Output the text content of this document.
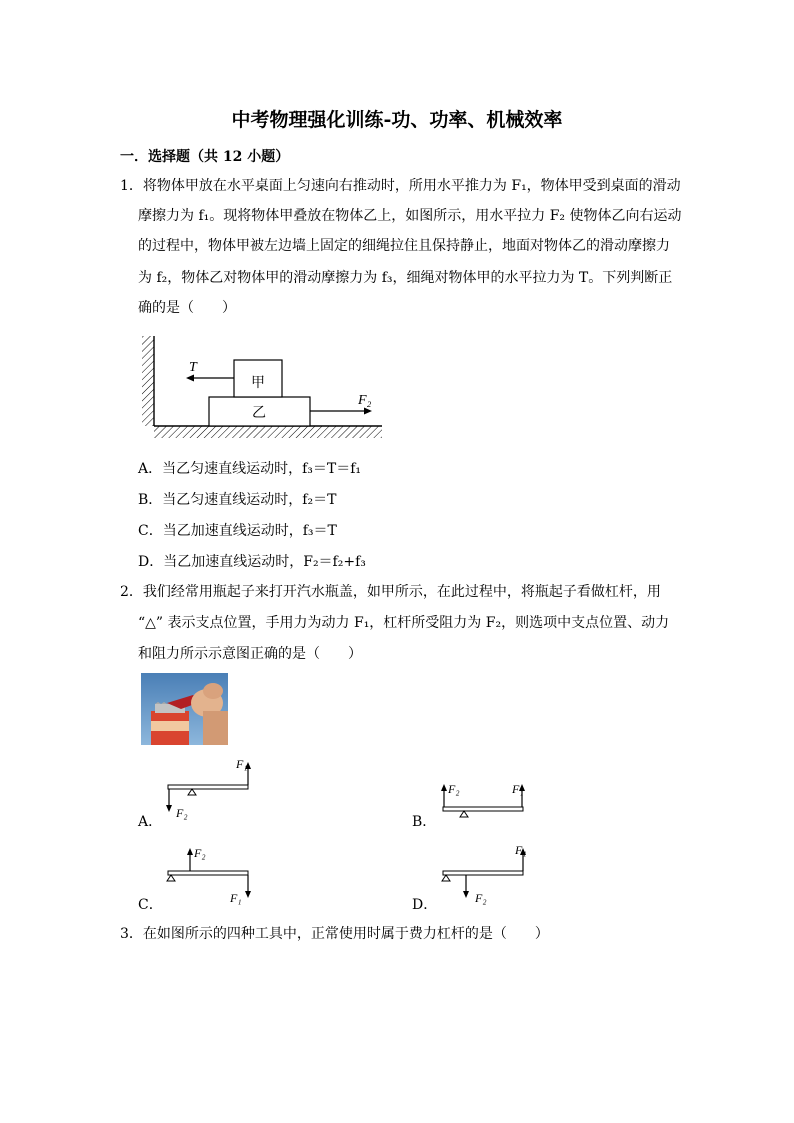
中考物理强化训练-功、功率、机械效率
一．选择题（共 12 小题）
1．将物体甲放在水平桌面上匀速向右推动时，所用水平推力为 F₁，物体甲受到桌面的滑动
摩擦力为 f₁。现将物体甲叠放在物体乙上，如图所示，用水平拉力 F₂ 使物体乙向右运动
的过程中，物体甲被左边墙上固定的细绳拉住且保持静止，地面对物体乙的滑动摩擦力
为 f₂，物体乙对物体甲的滑动摩擦力为 f₃，细绳对物体甲的水平拉力为 T。下列判断正
确的是（　　）
甲
乙
T
F₂
A．当乙匀速直线运动时，f₃＝T＝f₁
B．当乙匀速直线运动时，f₂＝T
C．当乙加速直线运动时，f₃＝T
D．当乙加速直线运动时，F₂＝f₂+f₃
2．我们经常用瓶起子来打开汽水瓶盖，如甲所示，在此过程中，将瓶起子看做杠杆，用
“△” 表示支点位置，手用力为动力 F₁，杠杆所受阻力为 F₂，则选项中支点位置、动力
和阻力所示示意图正确的是（　　）
A．
F₁
F₂
B．
F₂	F₁
C．
F₂
F₁	D．
F₁
F₂
3．在如图所示的四种工具中，正常使用时属于费力杠杆的是（　　）
